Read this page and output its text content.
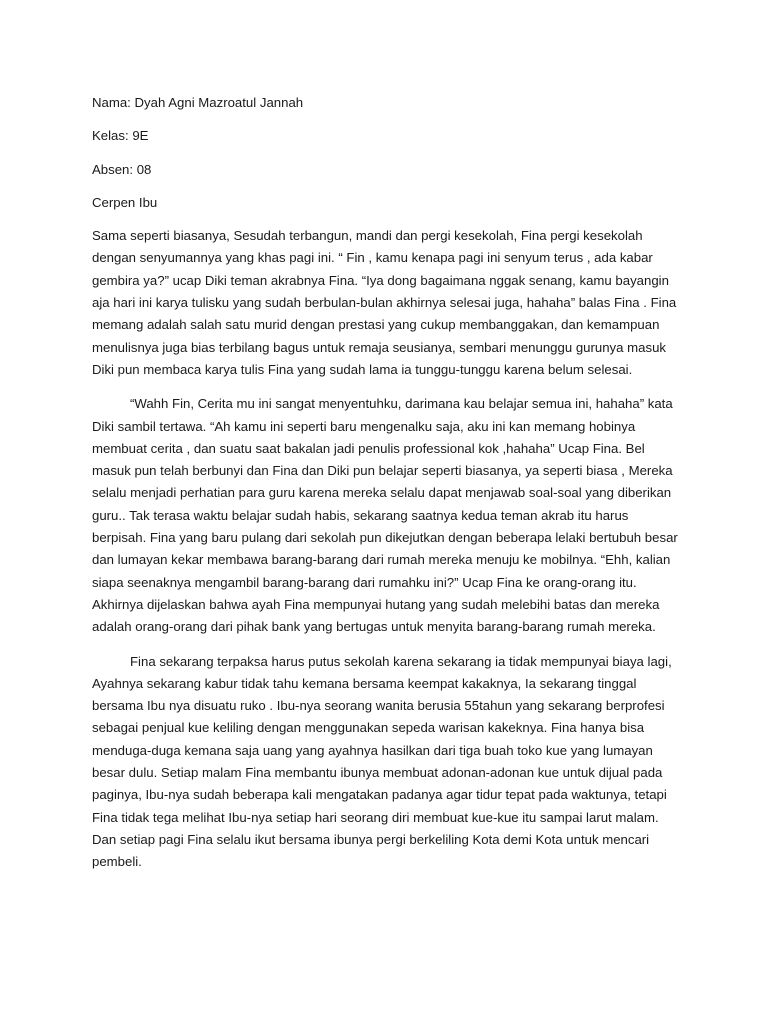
Nama: Dyah Agni Mazroatul Jannah

Kelas: 9E

Absen: 08

Cerpen Ibu

Sama seperti biasanya, Sesudah terbangun, mandi dan pergi kesekolah, Fina pergi kesekolah dengan senyumannya yang khas pagi ini. “ Fin , kamu kenapa pagi ini senyum terus , ada kabar gembira ya?” ucap Diki teman akrabnya Fina. “Iya dong bagaimana nggak senang, kamu bayangin aja hari ini karya tulisku yang sudah berbulan-bulan akhirnya selesai juga, hahaha” balas Fina . Fina memang adalah salah satu murid dengan prestasi yang cukup membanggakan, dan kemampuan menulisnya juga bias terbilang bagus untuk remaja seusianya, sembari menunggu gurunya masuk Diki pun membaca karya tulis Fina yang sudah lama ia tunggu-tunggu karena belum selesai.

“Wahh Fin, Cerita mu ini sangat menyentuhku, darimana kau belajar semua ini, hahaha” kata Diki sambil tertawa. “Ah kamu ini seperti baru mengenalku saja, aku ini kan memang hobinya membuat cerita , dan suatu saat bakalan jadi penulis professional kok ,hahaha” Ucap Fina. Bel masuk pun telah berbunyi dan Fina dan Diki pun belajar seperti biasanya, ya seperti biasa , Mereka selalu menjadi perhatian para guru karena mereka selalu dapat menjawab soal-soal yang diberikan guru.. Tak terasa waktu belajar sudah habis, sekarang saatnya kedua teman akrab itu harus berpisah. Fina yang baru pulang dari sekolah pun dikejutkan dengan beberapa lelaki bertubuh besar dan lumayan kekar membawa barang-barang dari rumah mereka menuju ke mobilnya. “Ehh, kalian siapa seenaknya mengambil barang-barang dari rumahku ini?” Ucap Fina ke orang-orang itu. Akhirnya dijelaskan bahwa ayah Fina mempunyai hutang yang sudah melebihi batas dan mereka adalah orang-orang dari pihak bank yang bertugas untuk menyita barang-barang rumah mereka.

Fina sekarang terpaksa harus putus sekolah karena sekarang ia tidak mempunyai biaya lagi, Ayahnya sekarang kabur tidak tahu kemana bersama keempat kakaknya, Ia sekarang tinggal bersama Ibu nya disuatu ruko . Ibu-nya seorang wanita berusia 55tahun yang sekarang berprofesi sebagai penjual kue keliling dengan menggunakan sepeda warisan kakeknya. Fina hanya bisa menduga-duga kemana saja uang yang ayahnya hasilkan dari tiga buah toko kue yang lumayan besar dulu. Setiap malam Fina membantu ibunya membuat adonan-adonan kue untuk dijual pada paginya, Ibu-nya sudah beberapa kali mengatakan padanya agar tidur tepat pada waktunya, tetapi Fina tidak tega melihat Ibu-nya setiap hari seorang diri membuat kue-kue itu sampai larut malam. Dan setiap pagi Fina selalu ikut bersama ibunya pergi berkeliling Kota demi Kota untuk mencari pembeli.
